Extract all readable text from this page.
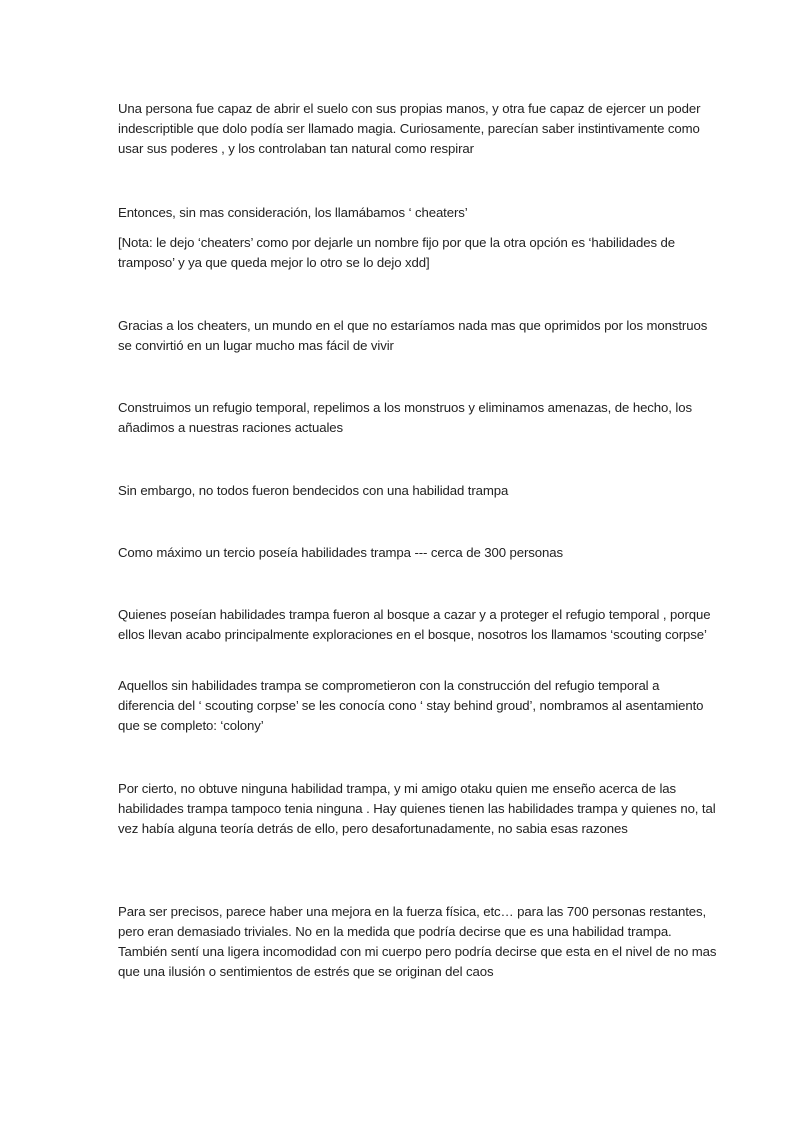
Una persona fue capaz de abrir el suelo con sus propias manos, y otra fue capaz de ejercer un poder indescriptible que dolo podía ser llamado magia. Curiosamente, parecían saber instintivamente como usar sus poderes , y los controlaban tan natural como respirar

Entonces, sin mas consideración, los llamábamos ‘ cheaters’

[Nota: le dejo ‘cheaters’ como por dejarle un nombre fijo por que la otra opción es ‘habilidades de tramposo’ y ya que queda mejor lo otro se lo dejo xdd]

Gracias a los cheaters, un mundo en el que no estaríamos nada mas que oprimidos por los monstruos se convirtió en un lugar mucho mas fácil de vivir

Construimos un refugio temporal, repelimos a los monstruos y eliminamos amenazas, de hecho, los añadimos a nuestras raciones actuales

Sin embargo, no todos fueron bendecidos con una habilidad trampa

Como máximo un tercio poseía habilidades trampa --- cerca de 300 personas

Quienes poseían habilidades trampa fueron al bosque a cazar y a proteger el refugio temporal , porque ellos llevan acabo principalmente exploraciones en el bosque, nosotros los llamamos ‘scouting corpse’

Aquellos sin habilidades trampa se comprometieron con la construcción del refugio temporal a diferencia del ‘ scouting corpse’ se les conocía cono ‘ stay behind groud’, nombramos al asentamiento que se completo: ‘colony’

Por cierto, no obtuve ninguna habilidad trampa, y mi amigo otaku quien me enseño acerca de las habilidades trampa tampoco tenia ninguna . Hay quienes tienen las habilidades trampa y quienes no, tal vez había alguna teoría detrás de ello, pero desafortunadamente, no sabia esas razones

Para ser precisos, parece haber una mejora en la fuerza física, etc… para las 700 personas restantes, pero eran demasiado triviales. No en la medida que podría decirse que es una habilidad trampa. También sentí una ligera incomodidad con mi cuerpo pero podría decirse que esta en el nivel de no mas que una ilusión o sentimientos de estrés que se originan del caos
